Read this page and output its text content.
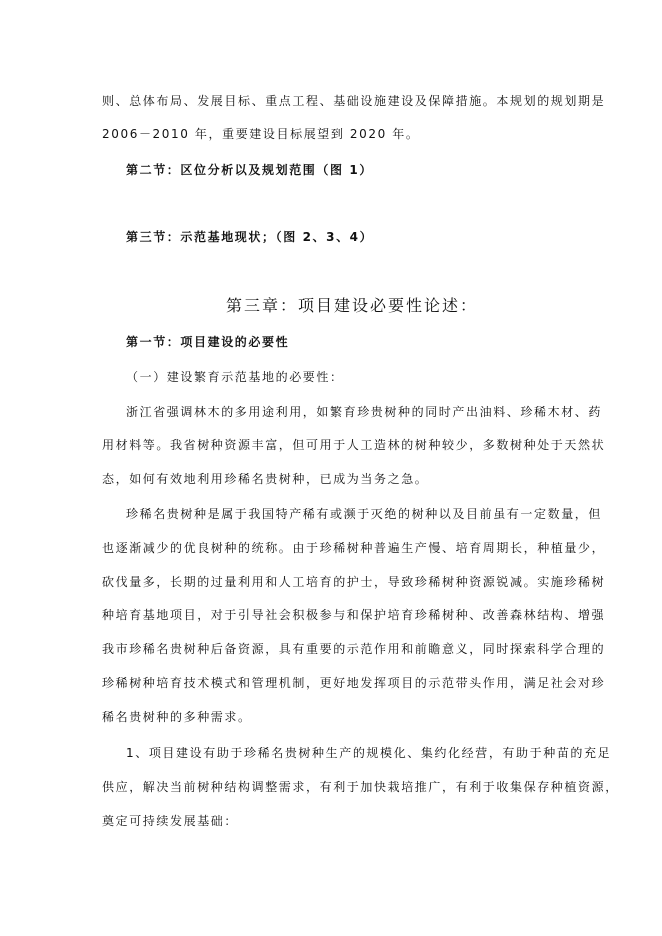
则、总体布局、发展目标、重点工程、基础设施建设及保障措施。本规划的规划期是
2006－2010 年，重要建设目标展望到 2020 年。
第二节：区位分析以及规划范围（图 1）
第三节：示范基地现状；（图 2、3、4）
第三章：项目建设必要性论述：
第一节：项目建设的必要性
（一）建设繁育示范基地的必要性：
浙江省强调林木的多用途利用，如繁育珍贵树种的同时产出油料、珍稀木材、药
用材料等。我省树种资源丰富，但可用于人工造林的树种较少，多数树种处于天然状
态，如何有效地利用珍稀名贵树种，已成为当务之急。
珍稀名贵树种是属于我国特产稀有或濒于灭绝的树种以及目前虽有一定数量，但
也逐渐减少的优良树种的统称。由于珍稀树种普遍生产慢、培育周期长，种植量少，
砍伐量多，长期的过量利用和人工培育的护士，导致珍稀树种资源锐减。实施珍稀树
种培育基地项目，对于引导社会积极参与和保护培育珍稀树种、改善森林结构、增强
我市珍稀名贵树种后备资源，具有重要的示范作用和前瞻意义，同时探索科学合理的
珍稀树种培育技术模式和管理机制，更好地发挥项目的示范带头作用，满足社会对珍
稀名贵树种的多种需求。
1、项目建设有助于珍稀名贵树种生产的规模化、集约化经营，有助于种苗的充足
供应，解决当前树种结构调整需求，有利于加快栽培推广，有利于收集保存种植资源，
奠定可持续发展基础：
